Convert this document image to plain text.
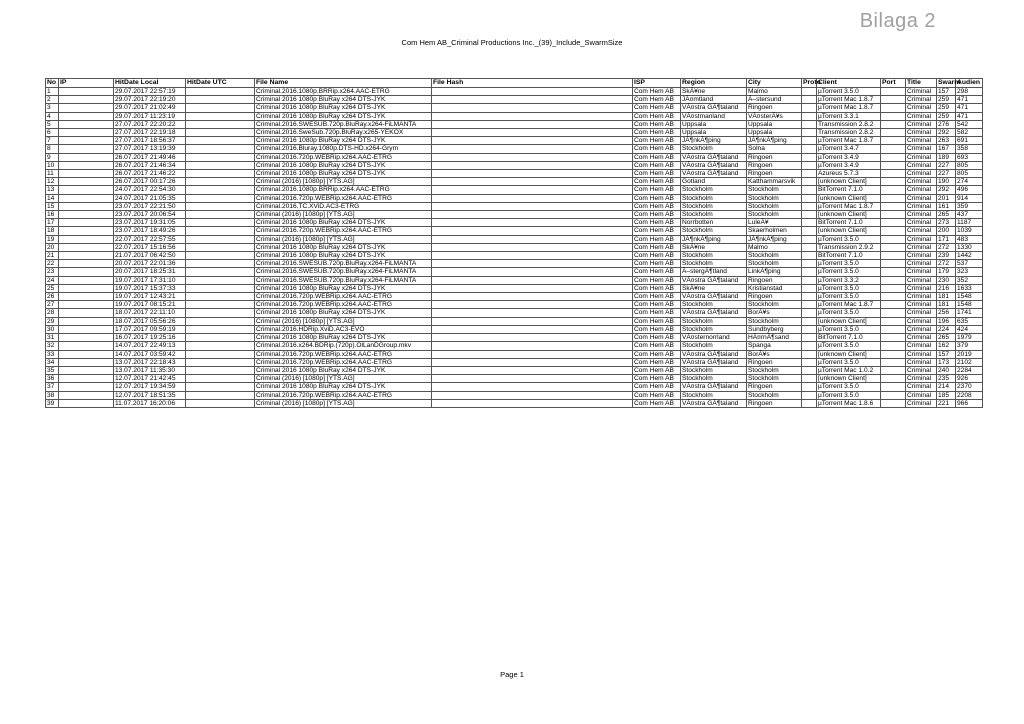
Bilaga 2
Com Hem AB_Criminal Productions Inc._(39)_Include_SwarmSize
No	IP	HitDate Local	HitDate UTC	File Name	File Hash	ISP	Region	City	Proto	Client	Port	Title	Swarm	Audien
1		29.07.2017 22:57:19		Criminal.2016.1080p.BRRip.x264.AAC-ETRG		Com Hem AB	SkÃ¥ne	Malmo		µTorrent 3.5.0		Criminal	157	298
2		29.07.2017 22:19:20		Criminal 2016 1080p BluRay x264 DTS-JYK		Com Hem AB	JÃ¤mtland	Ã–stersund		µTorrent Mac 1.8.7		Criminal	259	471
3		29.07.2017 21:02:49		Criminal 2016 1080p BluRay x264 DTS-JYK		Com Hem AB	VÃ¤stra GÃ¶taland	Ringoen		µTorrent Mac 1.8.7		Criminal	259	471
4		29.07.2017 11:23:19		Criminal 2016 1080p BluRay x264 DTS-JYK		Com Hem AB	VÃ¤stmanland	VÃ¤sterÃ¥s		µTorrent 3.3.1		Criminal	259	471
5		27.07.2017 22:20:22		Criminal.2016.SWESUB.720p.BluRay.x264-FiLMANTA		Com Hem AB	Uppsala	Uppsala		Transmission 2.8.2		Criminal	276	542
6		27.07.2017 22:19:18		Criminal.2016.SweSub.720p.BluRay.x265-YEKOX		Com Hem AB	Uppsala	Uppsala		Transmission 2.8.2		Criminal	292	582
7		27.07.2017 18:56:37		Criminal 2016 1080p BluRay x264 DTS-JYK		Com Hem AB	JÃ¶nkÃ¶ping	JÃ¶nkÃ¶ping		µTorrent Mac 1.8.7		Criminal	263	691
8		27.07.2017 13:19:39		Criminal.2016.Bluray.1080p.DTS-HD.x264-Grym		Com Hem AB	Stockholm	Solna		µTorrent 3.4.7		Criminal	167	358
9		26.07.2017 21:49:46		Criminal.2016.720p.WEBRip.x264.AAC-ETRG		Com Hem AB	VÃ¤stra GÃ¶taland	Ringoen		µTorrent 3.4.9		Criminal	189	693
10		26.07.2017 21:46:34		Criminal 2016 1080p BluRay x264 DTS-JYK		Com Hem AB	VÃ¤stra GÃ¶taland	Ringoen		µTorrent 3.4.9		Criminal	227	805
11		26.07.2017 21:46:22		Criminal 2016 1080p BluRay x264 DTS-JYK		Com Hem AB	VÃ¤stra GÃ¶taland	Ringoen		Azureus 5.7.3		Criminal	227	805
12		26.07.2017 00:17:26		Criminal (2016) [1080p] [YTS.AG]		Com Hem AB	Gotland	Katthammarsvik		[unknown Client]		Criminal	190	274
13		24.07.2017 22:54:30		Criminal.2016.1080p.BRRip.x264.AAC-ETRG		Com Hem AB	Stockholm	Stockholm		BitTorrent 7.1.0		Criminal	292	496
14		24.07.2017 21:05:35		Criminal.2016.720p.WEBRip.x264.AAC-ETRG		Com Hem AB	Stockholm	Stockholm		[unknown Client]		Criminal	201	914
15		23.07.2017 22:21:50		Criminal.2016.TC.XViD.AC3-ETRG		Com Hem AB	Stockholm	Stockholm		µTorrent Mac 1.8.7		Criminal	161	359
16		23.07.2017 20:06:54		Criminal (2016) [1080p] [YTS.AG]		Com Hem AB	Stockholm	Stockholm		[unknown Client]		Criminal	265	437
17		23.07.2017 19:31:05		Criminal 2016 1080p BluRay x264 DTS-JYK		Com Hem AB	Norrbotten	LuleÃ¥		BitTorrent 7.1.0		Criminal	273	1187
18		23.07.2017 18:49:26		Criminal.2016.720p.WEBRip.x264.AAC-ETRG		Com Hem AB	Stockholm	Skaerholmen		[unknown Client]		Criminal	200	1039
19		22.07.2017 22:57:55		Criminal (2016) [1080p] [YTS.AG]		Com Hem AB	JÃ¶nkÃ¶ping	JÃ¶nkÃ¶ping		µTorrent 3.5.0		Criminal	171	483
20		22.07.2017 15:16:56		Criminal 2016 1080p BluRay x264 DTS-JYK		Com Hem AB	SkÃ¥ne	Malmo		Transmission 2.9.2		Criminal	272	1330
21		21.07.2017 06:42:50		Criminal 2016 1080p BluRay x264 DTS-JYK		Com Hem AB	Stockholm	Stockholm		BitTorrent 7.1.0		Criminal	239	1442
22		20.07.2017 22:01:36		Criminal.2016.SWESUB.720p.BluRay.x264-FiLMANTA		Com Hem AB	Stockholm	Stockholm		µTorrent 3.5.0		Criminal	272	537
23		20.07.2017 18:25:31		Criminal.2016.SWESUB.720p.BluRay.x264-FiLMANTA		Com Hem AB	Ã–stergÃ¶tland	LinkÃ¶ping		µTorrent 3.5.0		Criminal	179	323
24		19.07.2017 17:31:10		Criminal.2016.SWESUB.720p.BluRay.x264-FiLMANTA		Com Hem AB	VÃ¤stra GÃ¶taland	Ringoen		µTorrent 3.3.2		Criminal	230	352
25		19.07.2017 15:37:33		Criminal 2016 1080p BluRay x264 DTS-JYK		Com Hem AB	SkÃ¥ne	Kristianstad		µTorrent 3.5.0		Criminal	216	1633
26		19.07.2017 12:43:21		Criminal.2016.720p.WEBRip.x264.AAC-ETRG		Com Hem AB	VÃ¤stra GÃ¶taland	Ringoen		µTorrent 3.5.0		Criminal	181	1548
27		19.07.2017 08:15:21		Criminal.2016.720p.WEBRip.x264.AAC-ETRG		Com Hem AB	Stockholm	Stockholm		µTorrent Mac 1.8.7		Criminal	181	1548
28		18.07.2017 22:11:10		Criminal 2016 1080p BluRay x264 DTS-JYK		Com Hem AB	VÃ¤stra GÃ¶taland	BorÃ¥s		µTorrent 3.5.0		Criminal	256	1741
29		18.07.2017 05:56:26		Criminal (2016) [1080p] [YTS.AG]		Com Hem AB	Stockholm	Stockholm		[unknown Client]		Criminal	196	635
30		17.07.2017 09:59:19		Criminal.2016.HDRip.XviD.AC3-EVO		Com Hem AB	Stockholm	Sundbyberg		µTorrent 3.5.0		Criminal	224	424
31		16.07.2017 19:25:16		Criminal 2016 1080p BluRay x264 DTS-JYK		Com Hem AB	VÃ¤sternorrland	HÃ¤rnÃ¶sand		BitTorrent 7.1.0		Criminal	265	1979
32		14.07.2017 22:49:13		Criminal.2016.x264.BDRip.(720p).OlLanDGroup.mkv		Com Hem AB	Stockholm	Spanga		µTorrent 3.5.0		Criminal	162	379
33		14.07.2017 03:59:42		Criminal.2016.720p.WEBRip.x264.AAC-ETRG		Com Hem AB	VÃ¤stra GÃ¶taland	BorÃ¥s		[unknown Client]		Criminal	157	2019
34		13.07.2017 22:18:43		Criminal.2016.720p.WEBRip.x264.AAC-ETRG		Com Hem AB	VÃ¤stra GÃ¶taland	Ringoen		µTorrent 3.5.0		Criminal	173	2102
35		13.07.2017 11:35:30		Criminal 2016 1080p BluRay x264 DTS-JYK		Com Hem AB	Stockholm	Stockholm		µTorrent Mac 1.0.2		Criminal	240	2284
36		12.07.2017 21:42:45		Criminal (2016) [1080p] [YTS.AG]		Com Hem AB	Stockholm	Stockholm		[unknown Client]		Criminal	235	926
37		12.07.2017 19:34:59		Criminal 2016 1080p BluRay x264 DTS-JYK		Com Hem AB	VÃ¤stra GÃ¶taland	Ringoen		µTorrent 3.5.0		Criminal	214	2370
38		12.07.2017 18:51:35		Criminal.2016.720p.WEBRip.x264.AAC-ETRG		Com Hem AB	Stockholm	Stockholm		µTorrent 3.5.0		Criminal	185	2208
39		11.07.2017 16:20:06		Criminal (2016) [1080p] [YTS.AG]		Com Hem AB	VÃ¤stra GÃ¶taland	Ringoen		µTorrent Mac 1.8.6		Criminal	221	966
Page 1
